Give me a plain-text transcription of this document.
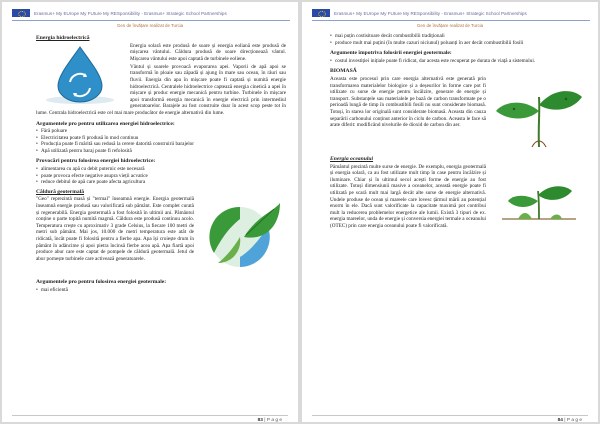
Erasmus+ My EUrope My FUture My RESponsibility - Erasmus+ Strategic School Partnerships
Gen de învățare realizat de Turcia
Energia hidroelectrică

Energia solară este produsă de soare și energia eoliană este produsă de mișcarea vântului. Căldura produsă de soare direcționează vântul. Mișcarea vântului este apoi captată de turbinele eoliene.

Vântul și soarele provoacă evaporarea apei. Vaporii de apă apoi se transformă în ploaie sau zăpadă și ajung în mare sau ocean, în râuri sau fluvii. Energia din apa în mișcare poate fi captată și numită energie hidroelectrică. Centralele hidroelectrice captează energia cinetică a apei în mișcare și produc energie mecanică pentru turbine. Turbinele în mișcare apoi transformă energia mecanică în energie electrică prin intermediul generatoarelor. Barajele au fost construite doar în acest scop peste tot în lume. Centrala hidroelectrică este cel mai mare producător de energie alternativă din lume.

Argumentele pro pentru utilizarea energiei hidroelectrice:
• Fără poluare
• Electricitatea poate fi produsă în mod continuu
• Producția poate fi mărită sau redusă la cerere datorită construirii barajelor
• Apă utilizată pentru baraj poate fi refolosită
Provocări pentru folosirea energiei hidroelectrice:
• alimentarea cu apă cu debit puternic este necesară
• poate provoca efecte negative asupra vieții acvatice
• reduce debitul de apă care poate afecta agricultura
Căldură geotermală

"Geo" reprezintă masă și "termal" înseamnă energie. Energia geotermală înseamnă energie produsă sau valorificată sub pământ. Este complet curată și regenerabilă. Energia geotermală a fost folosită în ultimii ani. Pământul conține o parte topită numită magmă. Căldura este produsă continuu acolo. Temperatura crește cu aproximativ 3 grade Celsius, la fiecare 100 metri de metri sub pământ. Mai jos, 10.000 de metri temperatura este atât de ridicată, încât poate fi folosită pentru a fierbe apa. Apa își croiește drum în pământ în adâncime și apoi pietra încinsă fierbe acea apă. Apa fiartă apoi produce abur care este captat de pompele de căldură geotermală. Jetul de abur pornește turbinele care activează generatoarele.

Argumentele pro pentru folosirea energiei geotermale:
• mai eficientă
83 | P a g e
Erasmus+ My EUrope My FUture My RESponsibility - Erasmus+ Strategic School Partnerships
Gen de învățare realizat de Turcia
• mai puțin costisitoare decât combustibilii tradiționali
• produce mult mai puțini (în multe cazuri niciunul) poluanți în aer decât combustibilii fosili
Argumente împotriva folosirii energiei geotermale:
• costul investiției inițiale poate fi ridicat, dar acesta este recuperat pe durata de viață a sistemului.
BIOMASĂ

Aceasta este procesul prin care energia alternativă este generată prin transformarea materialelor biologice și a deșeurilor în forme care pot fi utilizate cu surse de energie pentru încălzire, generare de energie și transport. Substanțele sau materialele pe bază de carbon transformate pe o perioadă lungă de timp în combustibili fosili nu sunt considerate biomasă. Totuși, în starea lor originală sunt considerate biomasă. Aceasta din cauza separării carbonului conținut anterior în ciclu de carbon. Aceasta le face să arate diferit: modificând nivelurile de dioxid de carbon din aer.

Energia oceanului

Pământul prezintă multe surse de energie. De exemplu, energia geotermală și energia solară, ca au fost utilizate mult timp în case pentru încălzire și iluminare. Chiar și în ultimul secol acești forme de energie au fost utilizate. Totuși dimensiunii masive a oceanelor, această energie poate fi utilizată pe scară mult mai largă decât alte surse de energie alternativă. Undele produse de ocean și mareele care lovesc țărmul mării au potențial enorm în ele. Dacă sunt valorificate la capacitate maximă pot contribui mult la reducerea problemelor energetice ale lumii. Există 3 tipuri de ex. energia mareelor, unda de energie și conversia energiei termale a oceanului (OTEC) prin care energia oceanului poate fi valorificată.

84 | P a g e
